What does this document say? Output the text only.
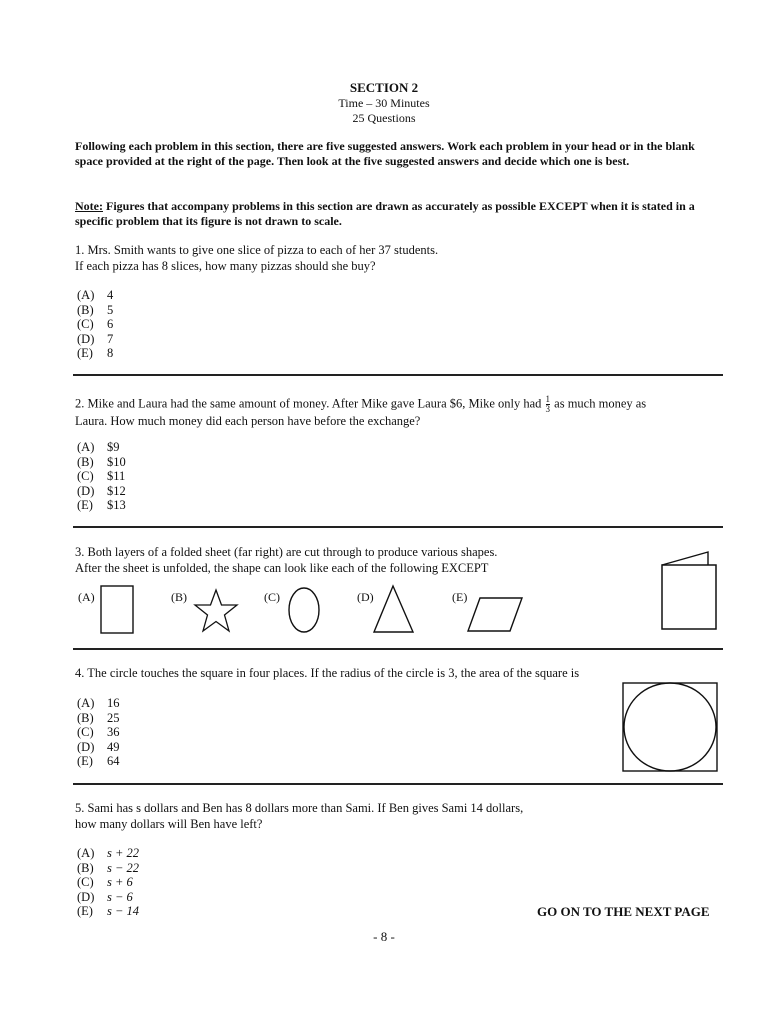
SECTION 2
Time – 30 Minutes
25 Questions
Following each problem in this section, there are five suggested answers. Work each problem in your head or in the blank space provided at the right of the page. Then look at the five suggested answers and decide which one is best.
Note: Figures that accompany problems in this section are drawn as accurately as possible EXCEPT when it is stated in a specific problem that its figure is not drawn to scale.
1. Mrs. Smith wants to give one slice of pizza to each of her 37 students.
If each pizza has 8 slices, how many pizzas should she buy?
(A)	4
(B)	5
(C)	6
(D)	7
(E)	8
2. Mike and Laura had the same amount of money. After Mike gave Laura $6, Mike only had $\frac{1}{3}$ as much money as
Laura. How much money did each person have before the exchange?
(A)	$9
(B)	$10
(C)	$11
(D)	$12
(E)	$13
3. Both layers of a folded sheet (far right) are cut through to produce various shapes.
After the sheet is unfolded, the shape can look like each of the following EXCEPT
(A)	(B)	(C)	(D)	(E)
4. The circle touches the square in four places. If the radius of the circle is 3, the area of the square is
(A)	16
(B)	25
(C)	36
(D)	49
(E)	64
5. Sami has s dollars and Ben has 8 dollars more than Sami. If Ben gives Sami 14 dollars,
how many dollars will Ben have left?
(A)	s + 22
(B)	s − 22
(C)	s + 6
(D)	s − 6
(E)	s − 14	GO ON TO THE NEXT PAGE
- 8 -
